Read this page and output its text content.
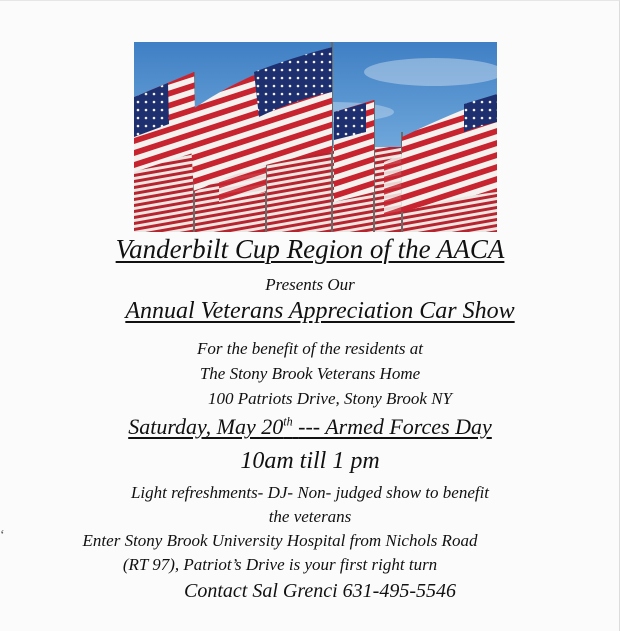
Vanderbilt Cup Region of the AACA
Presents Our
Annual Veterans Appreciation Car Show
For the benefit of the residents at
The Stony Brook Veterans Home
100 Patriots Drive, Stony Brook NY
Saturday, May 20th --- Armed Forces Day
10am till 1 pm
Light refreshments- DJ- Non- judged show to benefit
the veterans
ʻ	Enter Stony Brook University Hospital from Nichols Road
(RT 97), Patriot’s Drive is your first right turn
Contact Sal Grenci 631-495-5546
